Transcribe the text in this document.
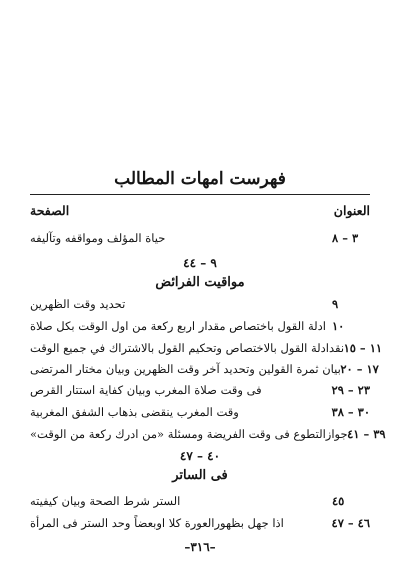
فهرست امهات المطالب
العنوان
الصفحة
حياة المؤلف ومواقفه وتآليفه	٣ – ٨
٩ – ٤٤
مواقيت الفرائض
تحديد وقت الظهرين	٩
ادلة القول باختصاص مقدار اربع ركعة من اول الوقت بكل صلاة ١٠
نقدادلة القول بالاختصاص وتحكيم القول بالاشتراك في جميع الوقت ١١ – ١٥
بيان ثمرة القولين وتحديد آخر وقت الظهرين وبيان مختار المرتضى ١٧ – ٢٠
فى وقت صلاة المغرب وبيان كفاية استتار القرص	٢٣ – ٢٩
وقت المغرب ينقضى بذهاب الشفق المغربية	٣٠ – ٣٨
جوازالتطوع فى وقت الفريضة ومسئلة «من ادرك ركعة من الوقت» ٣٩ – ٤١
٤٠ – ٤٧
فى الساتر
الستر شرط الصحة وبيان كيفيته	٤٥
اذا جهل بظهورالعورة كلا اوبعضاً وحد الستر فى المرأة	٤٦ – ٤٧
–٣١٦–
